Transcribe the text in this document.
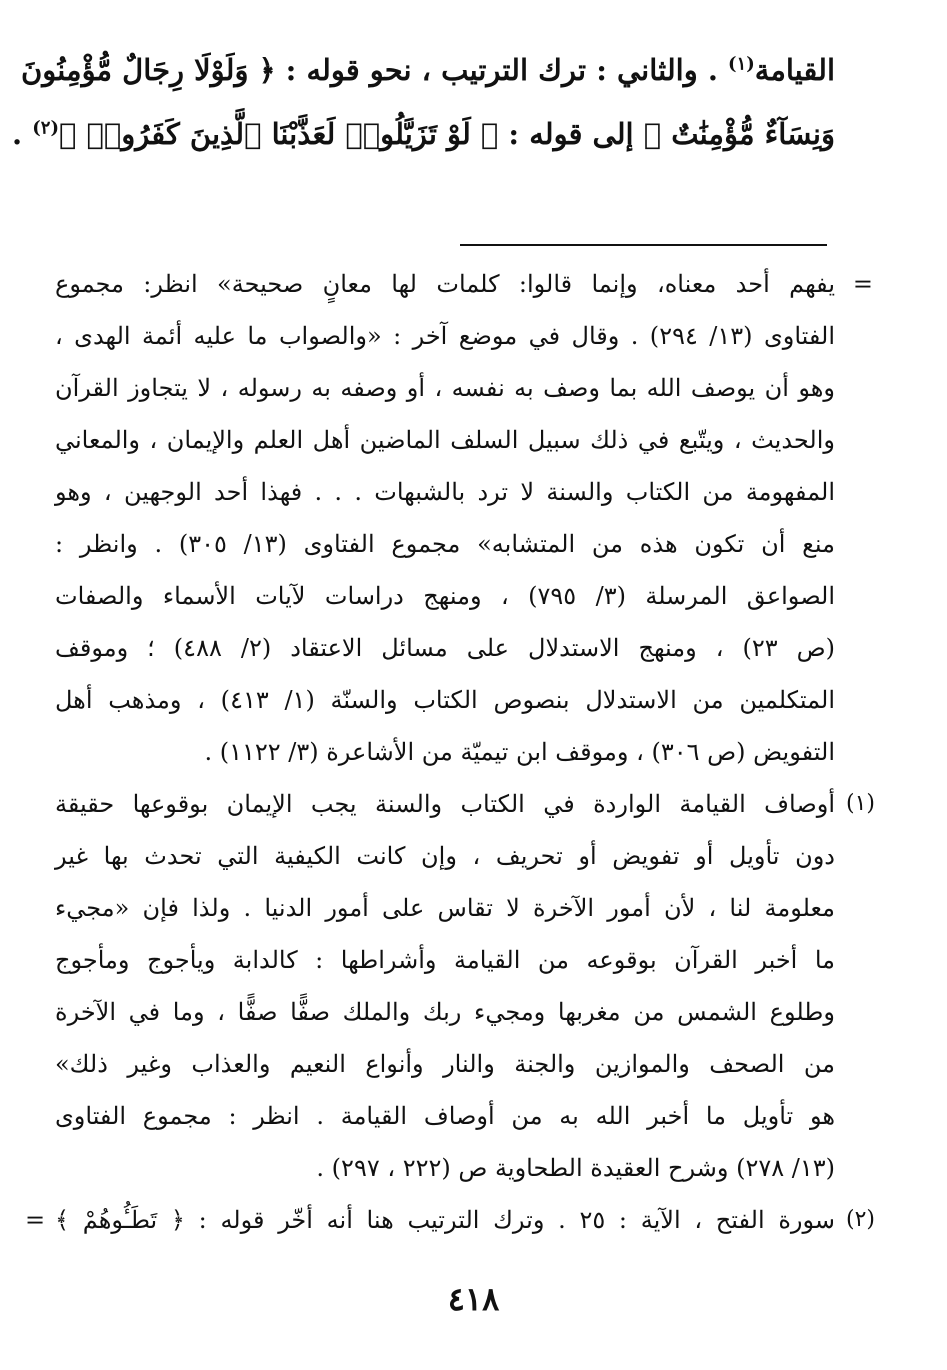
القيامة$^{(١)}$ . والثاني : ترك الترتيب ، نحو قوله : ﴿ وَلَوْلَا رِجَالٌ مُّؤْمِنُونَ
وَنِسَآءٌ مُّؤْمِنَٰتٌ ﴾ إلى قوله : ﴿ لَوْ تَزَيَّلُوا۟ لَعَذَّبْنَا ٱلَّذِينَ كَفَرُوا۟ ﴾$^{(٢)}$ .
=
يفهم أحد معناه، وإنما قالوا: كلمات لها معانٍ صحيحة» انظر: مجموع
الفتاوى (١٣/ ٢٩٤) . وقال في موضع آخر : «والصواب ما عليه أئمة الهدى ،
وهو أن يوصف الله بما وصف به نفسه ، أو وصفه به رسوله ، لا يتجاوز القرآن
والحديث ، ويتّبع في ذلك سبيل السلف الماضين أهل العلم والإيمان ، والمعاني
المفهومة من الكتاب والسنة لا ترد بالشبهات . . . فهذا أحد الوجهين ، وهو
منع أن تكون هذه من المتشابه» مجموع الفتاوى (١٣/ ٣٠٥) . وانظر :
الصواعق المرسلة (٣/ ٧٩٥) ، ومنهج دراسات لآيات الأسماء والصفات
(ص ٢٣) ، ومنهج الاستدلال على مسائل الاعتقاد (٢/ ٤٨٨) ؛ وموقف
المتكلمين من الاستدلال بنصوص الكتاب والسنّة (١/ ٤١٣) ، ومذهب أهل
التفويض (ص ٣٠٦) ، وموقف ابن تيميّة من الأشاعرة (٣/ ١١٢٢) .
(١)
أوصاف القيامة الواردة في الكتاب والسنة يجب الإيمان بوقوعها حقيقة
دون تأويل أو تفويض أو تحريف ، وإن كانت الكيفية التي تحدث بها غير
معلومة لنا ، لأن أمور الآخرة لا تقاس على أمور الدنيا . ولذا فإن «مجيء
ما أخبر القرآن بوقوعه من القيامة وأشراطها : كالدابة ويأجوج ومأجوج
وطلوع الشمس من مغربها ومجيء ربك والملك صفًّا صفًّا ، وما في الآخرة
من الصحف والموازين والجنة والنار وأنواع النعيم والعذاب وغير ذلك»
هو تأويل ما أخبر الله به من أوصاف القيامة . انظر : مجموع الفتاوى
(١٣/ ٢٧٨) وشرح العقيدة الطحاوية ص (٢٢٢ ، ٢٩٧) .
(٢)
= سورة الفتح ، الآية : ٢٥ . وترك الترتيب هنا أنه أخّر قوله : ﴿ تَطَـُٔوهُمْ ﴾
٤١٨
